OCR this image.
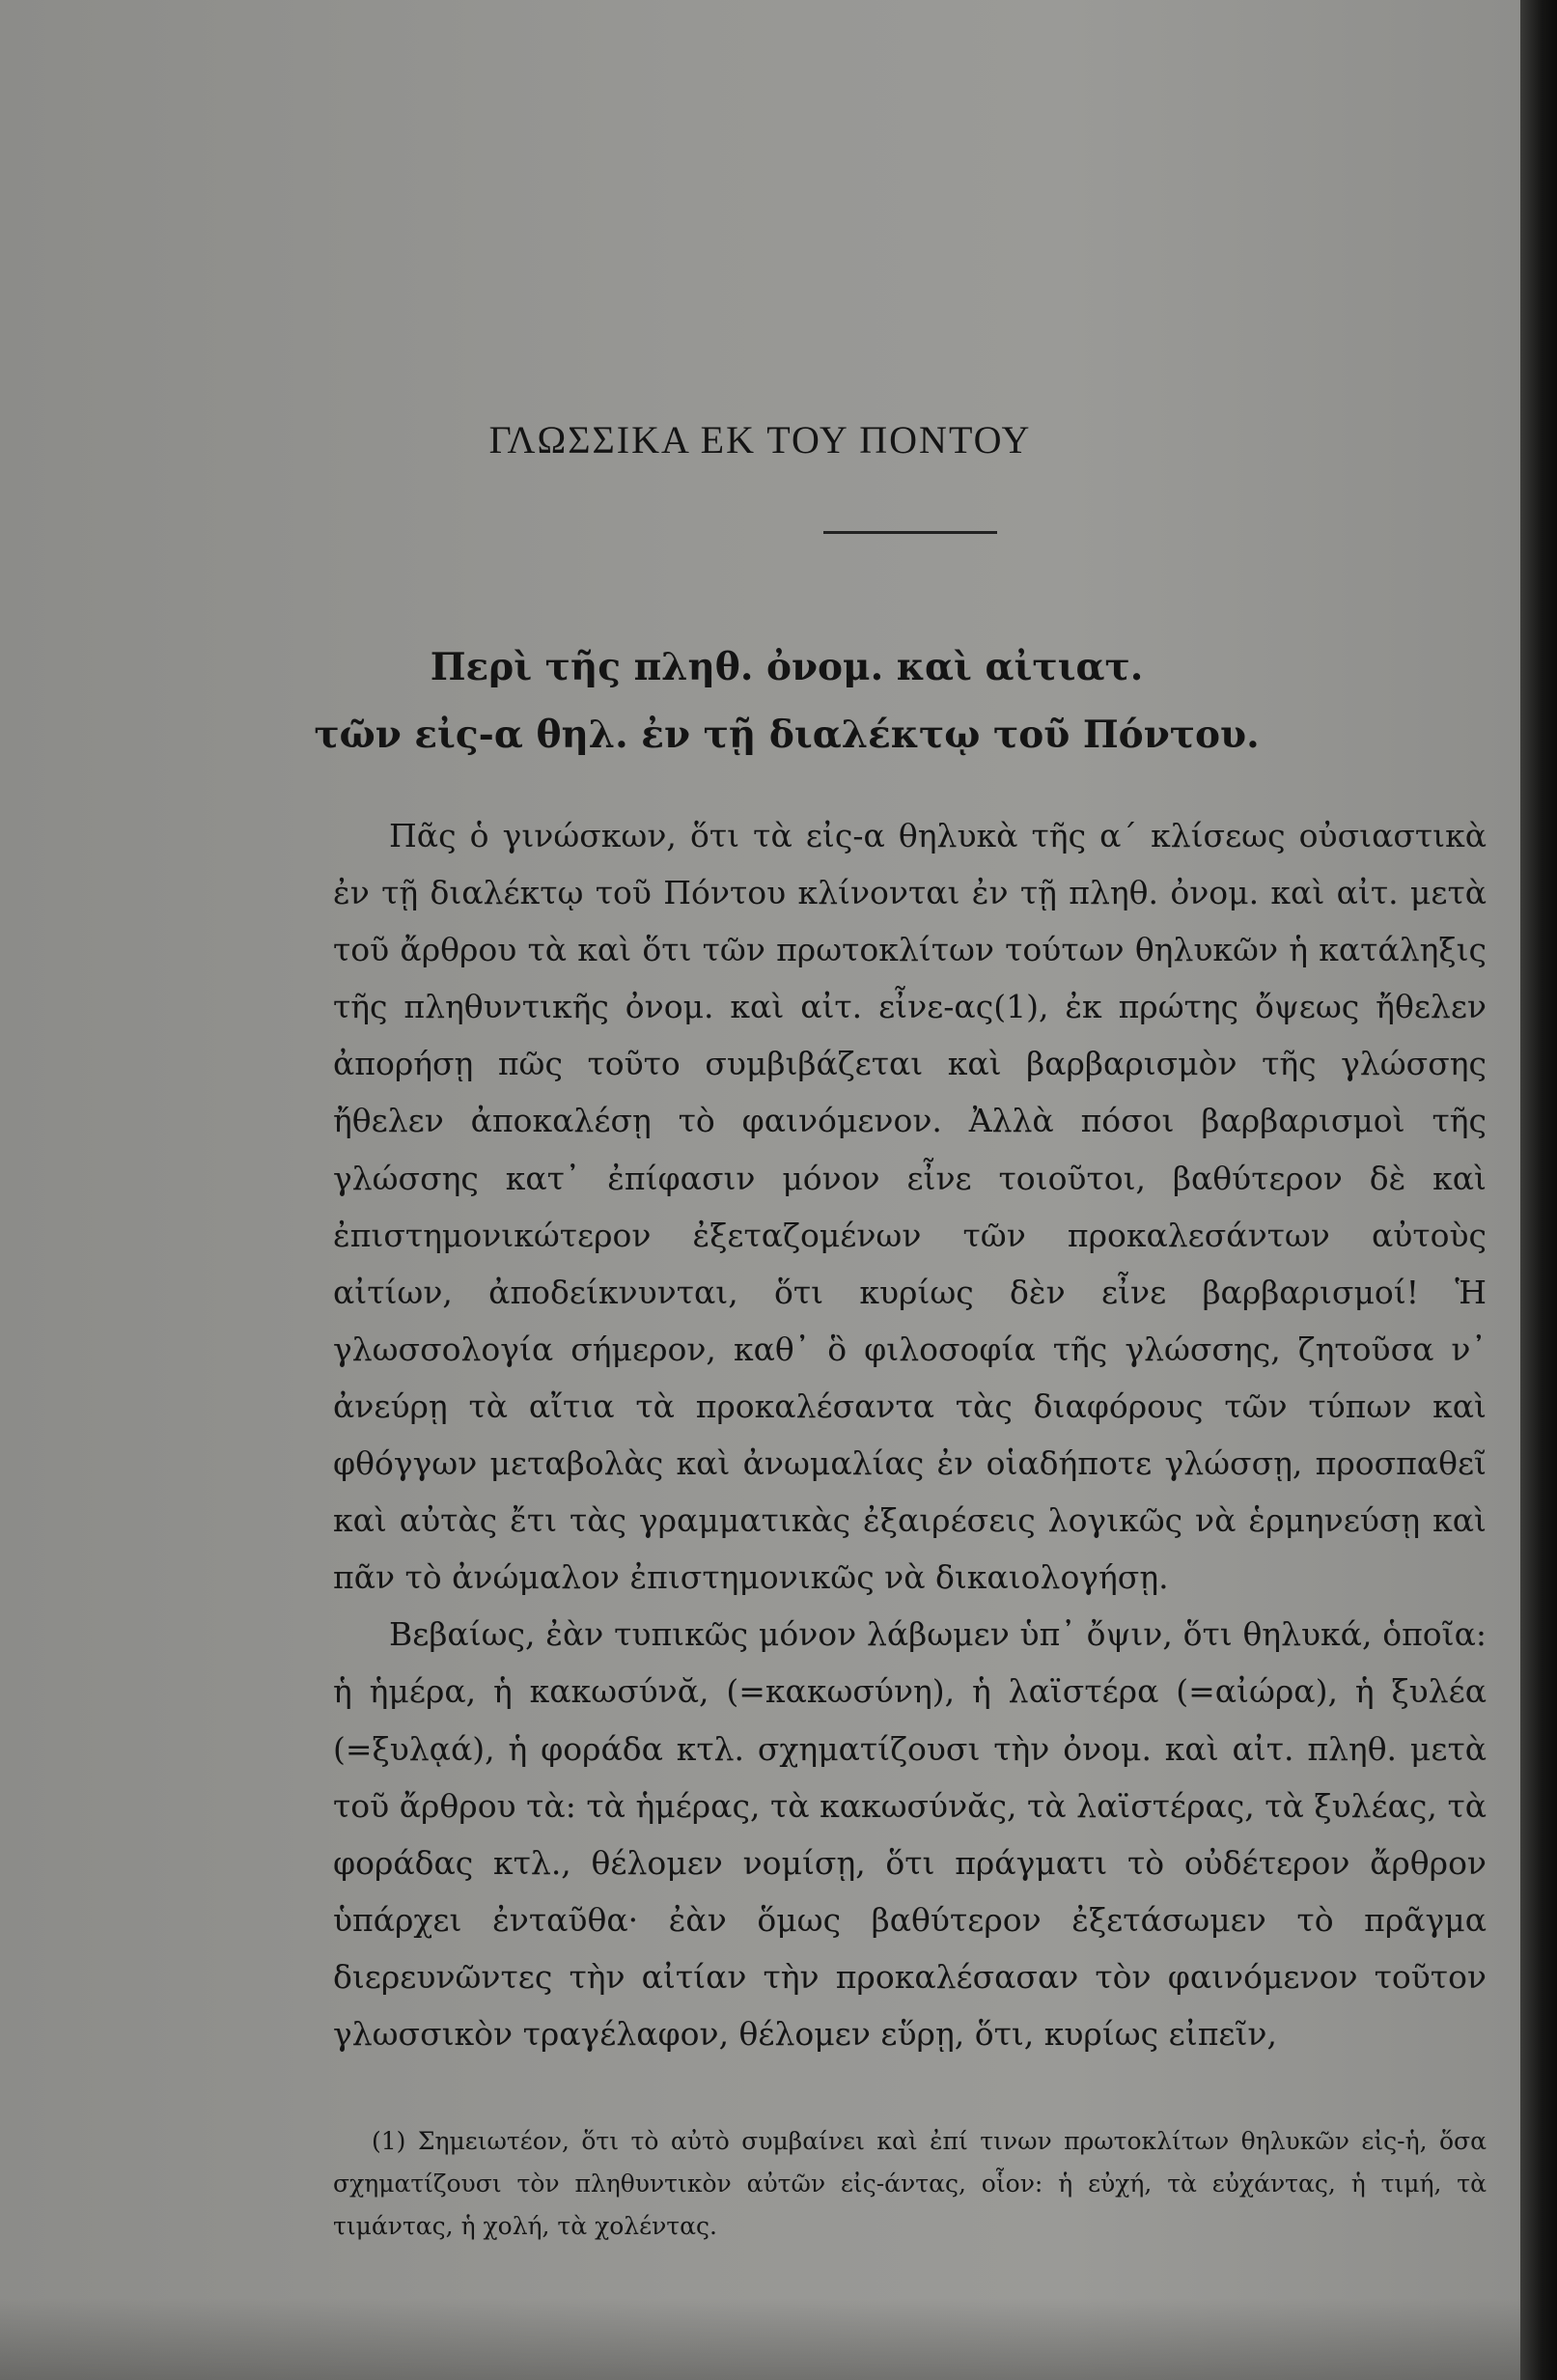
ΓΛΩΣΣΙΚΑ ΕΚ ΤΟΥ ΠΟΝΤΟΥ
Περὶ τῆς πληθ. ὀνομ. καὶ αἰτιατ.
τῶν εἰς-α θηλ. ἐν τῇ διαλέκτῳ τοῦ Πόντου.

Πᾶς ὁ γινώσκων, ὅτι τὰ εἰς-α θηλυκὰ τῆς α΄ κλίσεως οὐσιαστικὰ ἐν τῇ διαλέκτῳ τοῦ Πόντου κλίνονται ἐν τῇ πληθ. ὀνομ. καὶ αἰτ. μετὰ τοῦ ἄρθρου τὰ καὶ ὅτι τῶν πρωτοκλίτων τούτων θηλυκῶν ἡ κατάληξις τῆς πληθυντικῆς ὀνομ. καὶ αἰτ. εἶνε-ας(1), ἐκ πρώτης ὄψεως ἤθελεν ἀπορήσῃ πῶς τοῦτο συμβιβάζεται καὶ βαρβαρισμὸν τῆς γλώσσης ἤθελεν ἀποκαλέσῃ τὸ φαινόμενον. Ἀλλὰ πόσοι βαρβαρισμοὶ τῆς γλώσσης κατ᾽ ἐπίφασιν μόνον εἶνε τοιοῦτοι, βαθύτερον δὲ καὶ ἐπιστημονικώτερον ἐξεταζομένων τῶν προκαλεσάντων αὐτοὺς αἰτίων, ἀποδείκνυνται, ὅτι κυρίως δὲν εἶνε βαρβαρισμοί! Ἡ γλωσσολογία σήμερον, καθ᾽ ὃ φιλοσοφία τῆς γλώσσης, ζητοῦσα ν᾽ ἀνεύρῃ τὰ αἴτια τὰ προκαλέσαντα τὰς διαφόρους τῶν τύπων καὶ φθόγγων μεταβολὰς καὶ ἀνωμαλίας ἐν οἱαδήποτε γλώσσῃ, προσπαθεῖ καὶ αὐτὰς ἔτι τὰς γραμματικὰς ἐξαιρέσεις λογικῶς νὰ ἑρμηνεύσῃ καὶ πᾶν τὸ ἀνώμαλον ἐπιστημονικῶς νὰ δικαιολογήσῃ.

Βεβαίως, ἐὰν τυπικῶς μόνον λάβωμεν ὑπ᾽ ὄψιν, ὅτι θηλυκά, ὁποῖα: ἡ ἡμέρα, ἡ κακωσύνᾰ, (=κακωσύνη), ἡ λαϊστέρα (=αἰώρα), ἡ ξυλέα (=ξυλᾳά), ἡ φοράδα κτλ. σχηματίζουσι τὴν ὀνομ. καὶ αἰτ. πληθ. μετὰ τοῦ ἄρθρου τὰ: τὰ ἡμέρας, τὰ κακωσύνᾰς, τὰ λαϊστέρας, τὰ ξυλέας, τὰ φοράδας κτλ., θέλομεν νομίσῃ, ὅτι πράγματι τὸ οὐδέτερον ἄρθρον ὑπάρχει ἐνταῦθα· ἐὰν ὅμως βαθύτερον ἐξετάσωμεν τὸ πρᾶγμα διερευνῶντες τὴν αἰτίαν τὴν προκαλέσασαν τὸν φαινόμενον τοῦτον γλωσσικὸν τραγέλαφον, θέλομεν εὕρῃ, ὅτι, κυρίως εἰπεῖν,

(1) Σημειωτέον, ὅτι τὸ αὐτὸ συμβαίνει καὶ ἐπί τινων πρωτοκλίτων θηλυκῶν εἰς-ἡ, ὅσα σχηματίζουσι τὸν πληθυντικὸν αὐτῶν εἰς-άντας, οἷον: ἡ εὐχή, τὰ εὐχάντας, ἡ τιμή, τὰ τιμάντας, ἡ χολή, τὰ χολέντας.
